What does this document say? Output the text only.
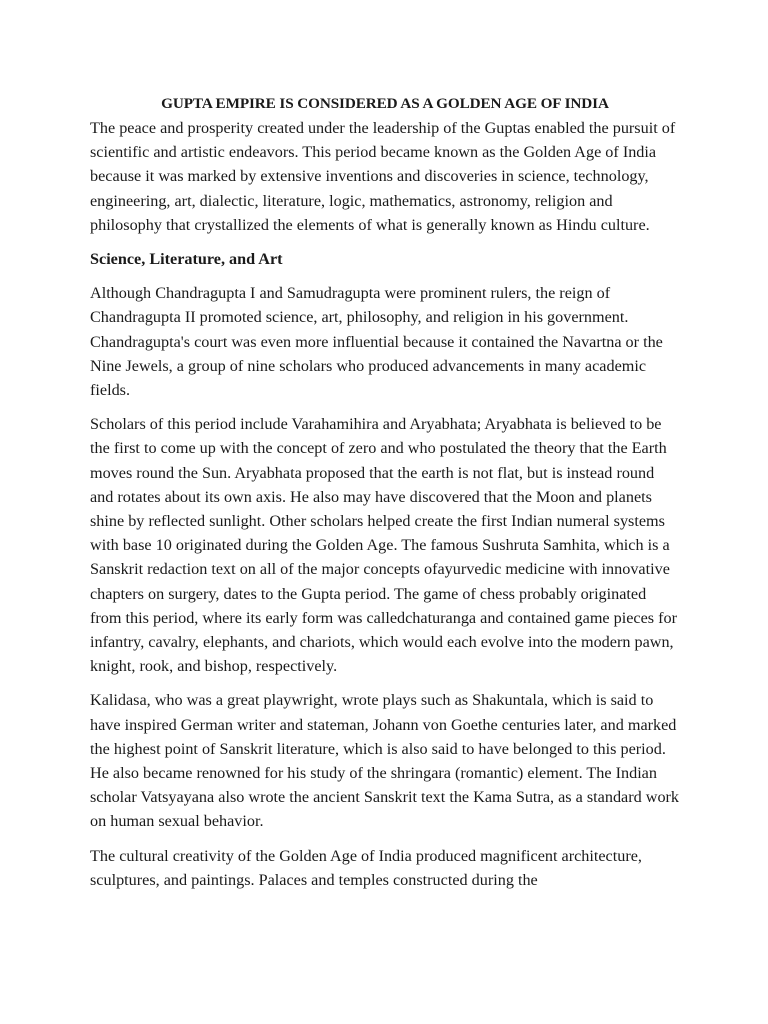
GUPTA EMPIRE IS CONSIDERED AS A GOLDEN AGE OF INDIA

The peace and prosperity created under the leadership of the Guptas enabled the pursuit of scientific and artistic endeavors. This period became known as the Golden Age of India because it was marked by extensive inventions and discoveries in science, technology, engineering, art, dialectic, literature, logic, mathematics, astronomy, religion and philosophy that crystallized the elements of what is generally known as Hindu culture.

Science, Literature, and Art

Although Chandragupta I and Samudragupta were prominent rulers, the reign of Chandragupta II promoted science, art, philosophy, and religion in his government. Chandragupta's court was even more influential because it contained the Navartna or the Nine Jewels, a group of nine scholars who produced advancements in many academic fields.

Scholars of this period include Varahamihira and Aryabhata; Aryabhata is believed to be the first to come up with the concept of zero and who postulated the theory that the Earth moves round the Sun. Aryabhata proposed that the earth is not flat, but is instead round and rotates about its own axis. He also may have discovered that the Moon and planets shine by reflected sunlight. Other scholars helped create the first Indian numeral systems with base 10 originated during the Golden Age. The famous Sushruta Samhita, which is a Sanskrit redaction text on all of the major concepts ofayurvedic medicine with innovative chapters on surgery, dates to the Gupta period. The game of chess probably originated from this period, where its early form was calledchaturanga and contained game pieces for infantry, cavalry, elephants, and chariots, which would each evolve into the modern pawn, knight, rook, and bishop, respectively.

Kalidasa, who was a great playwright, wrote plays such as Shakuntala, which is said to have inspired German writer and stateman, Johann von Goethe centuries later, and marked the highest point of Sanskrit literature, which is also said to have belonged to this period. He also became renowned for his study of the shringara (romantic) element. The Indian scholar Vatsyayana also wrote the ancient Sanskrit text the Kama Sutra, as a standard work on human sexual behavior.

The cultural creativity of the Golden Age of India produced magnificent architecture, sculptures, and paintings. Palaces and temples constructed during the
